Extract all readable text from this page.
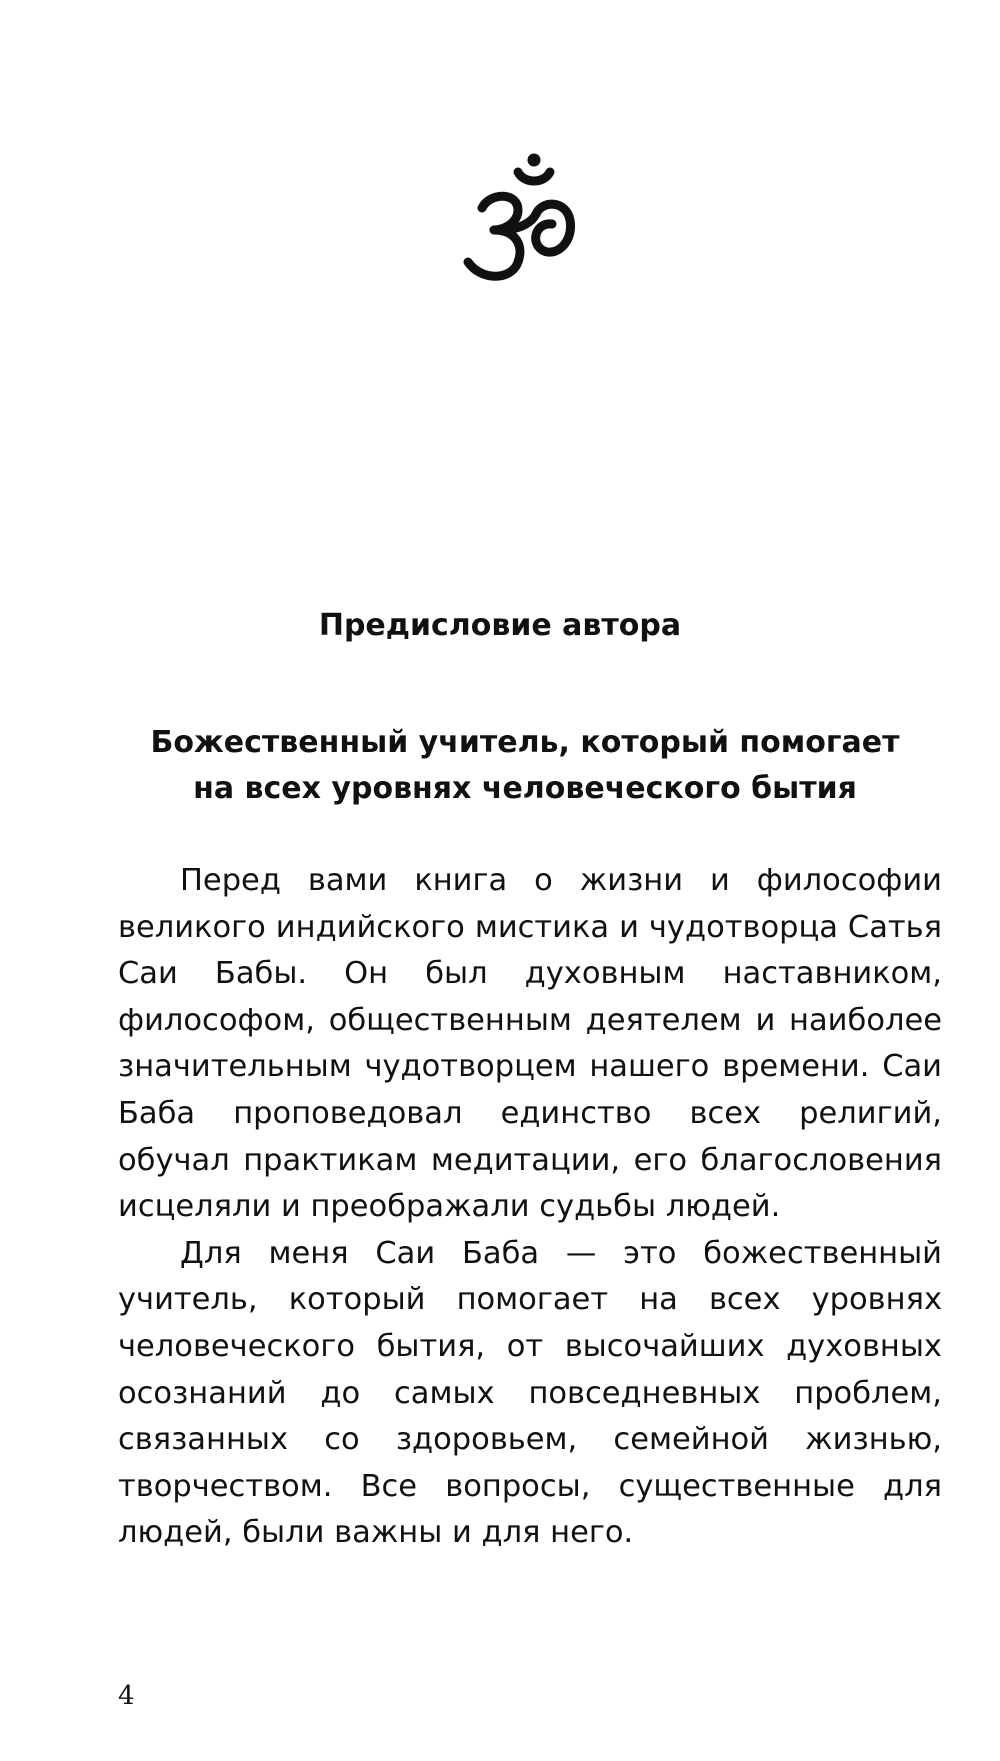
Предисловие автора
Божественный учитель, который помогает
на всех уровнях человеческого бытия

Перед вами книга о жизни и философии великого индийского мистика и чудотворца Сатья Саи Бабы. Он был духовным наставником, философом, общественным деятелем и наиболее значительным чудотворцем нашего времени. Саи Баба проповедовал единство всех религий, обучал практикам медитации, его благословения исцеляли и преображали судьбы людей.

Для меня Саи Баба — это божественный учитель, который помогает на всех уровнях человеческого бытия, от высочайших духовных осознаний до самых повседневных проблем, связанных со здоровьем, семейной жизнью, творчеством. Все вопросы, существенные для людей, были важны и для него.

4
